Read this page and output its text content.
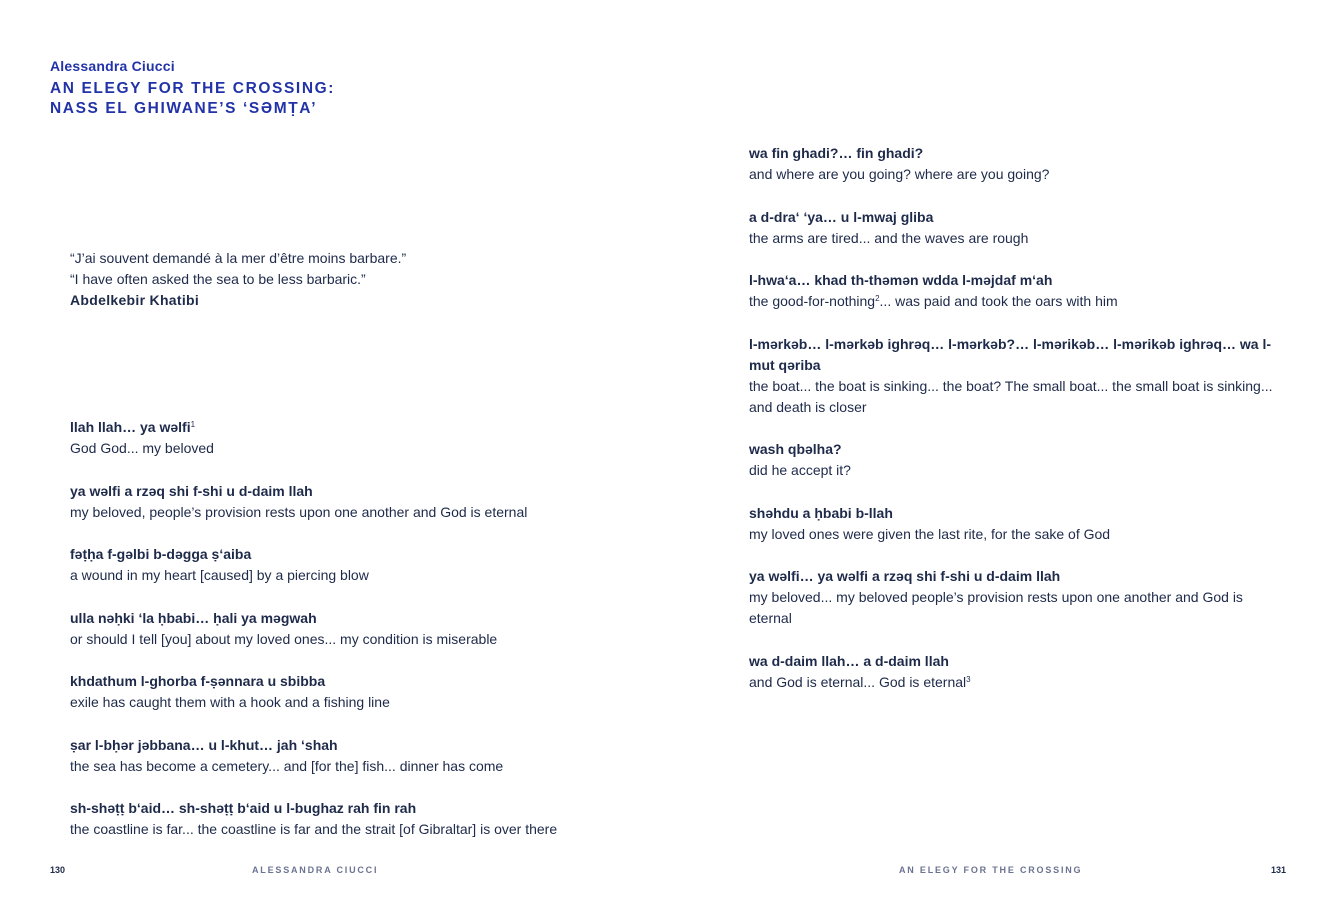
Alessandra Ciucci
AN ELEGY FOR THE CROSSING:
NASS EL GHIWANE’S ‘SƏMṬA’
“J’ai souvent demandé à la mer d’être moins barbare.”
“I have often asked the sea to be less barbaric.”
Abdelkebir Khatibi
llah llah… ya wəlfi$^1$
God God... my beloved
ya wəlfi a rzəq shi f-shi u d-daim llah
my beloved, people’s provision rests upon one another and God is eternal
fəṭḥa f-gəlbi b-dəgga ṣ‘aiba
a wound in my heart [caused] by a piercing blow
ulla nəḥki ‘la ḥbabi… ḥali ya məgwah
or should I tell [you] about my loved ones... my condition is miserable
khdathum l-ghorba f-ṣənnara u sbibba
exile has caught them with a hook and a fishing line
ṣar l-bḥər jəbbana… u l-khut… jah ‘shah
the sea has become a cemetery... and [for the] fish... dinner has come
sh-shəṭṭ b‘aid… sh-shəṭṭ b‘aid u l-bughaz rah fin rah
the coastline is far... the coastline is far and the strait [of Gibraltar] is over there
wa fin ghadi?… fin ghadi?
and where are you going? where are you going?
a d-dra‘ ‘ya… u l-mwaj gliba
the arms are tired... and the waves are rough
l-hwa‘a… khad th-thəmən wdda l-məjdaf m‘ah
the good-for-nothing$^2$... was paid and took the oars with him
l-mərkəb… l-mərkəb ighrəq… l-mərkəb?… l-mərikəb… l-mərikəb ighrəq… wa l-mut qəriba
the boat... the boat is sinking... the boat? The small boat... the small boat is sinking... and death is closer
wash qbəlha?
did he accept it?
shəhdu a ḥbabi b-llah
my loved ones were given the last rite, for the sake of God
ya wəlfi… ya wəlfi a rzəq shi f-shi u d-daim llah
my beloved... my beloved people’s provision rests upon one another and God is eternal
wa d-daim llah… a d-daim llah
and God is eternal... God is eternal$^3$
130	ALESSANDRA CIUCCI	AN ELEGY FOR THE CROSSING	131
